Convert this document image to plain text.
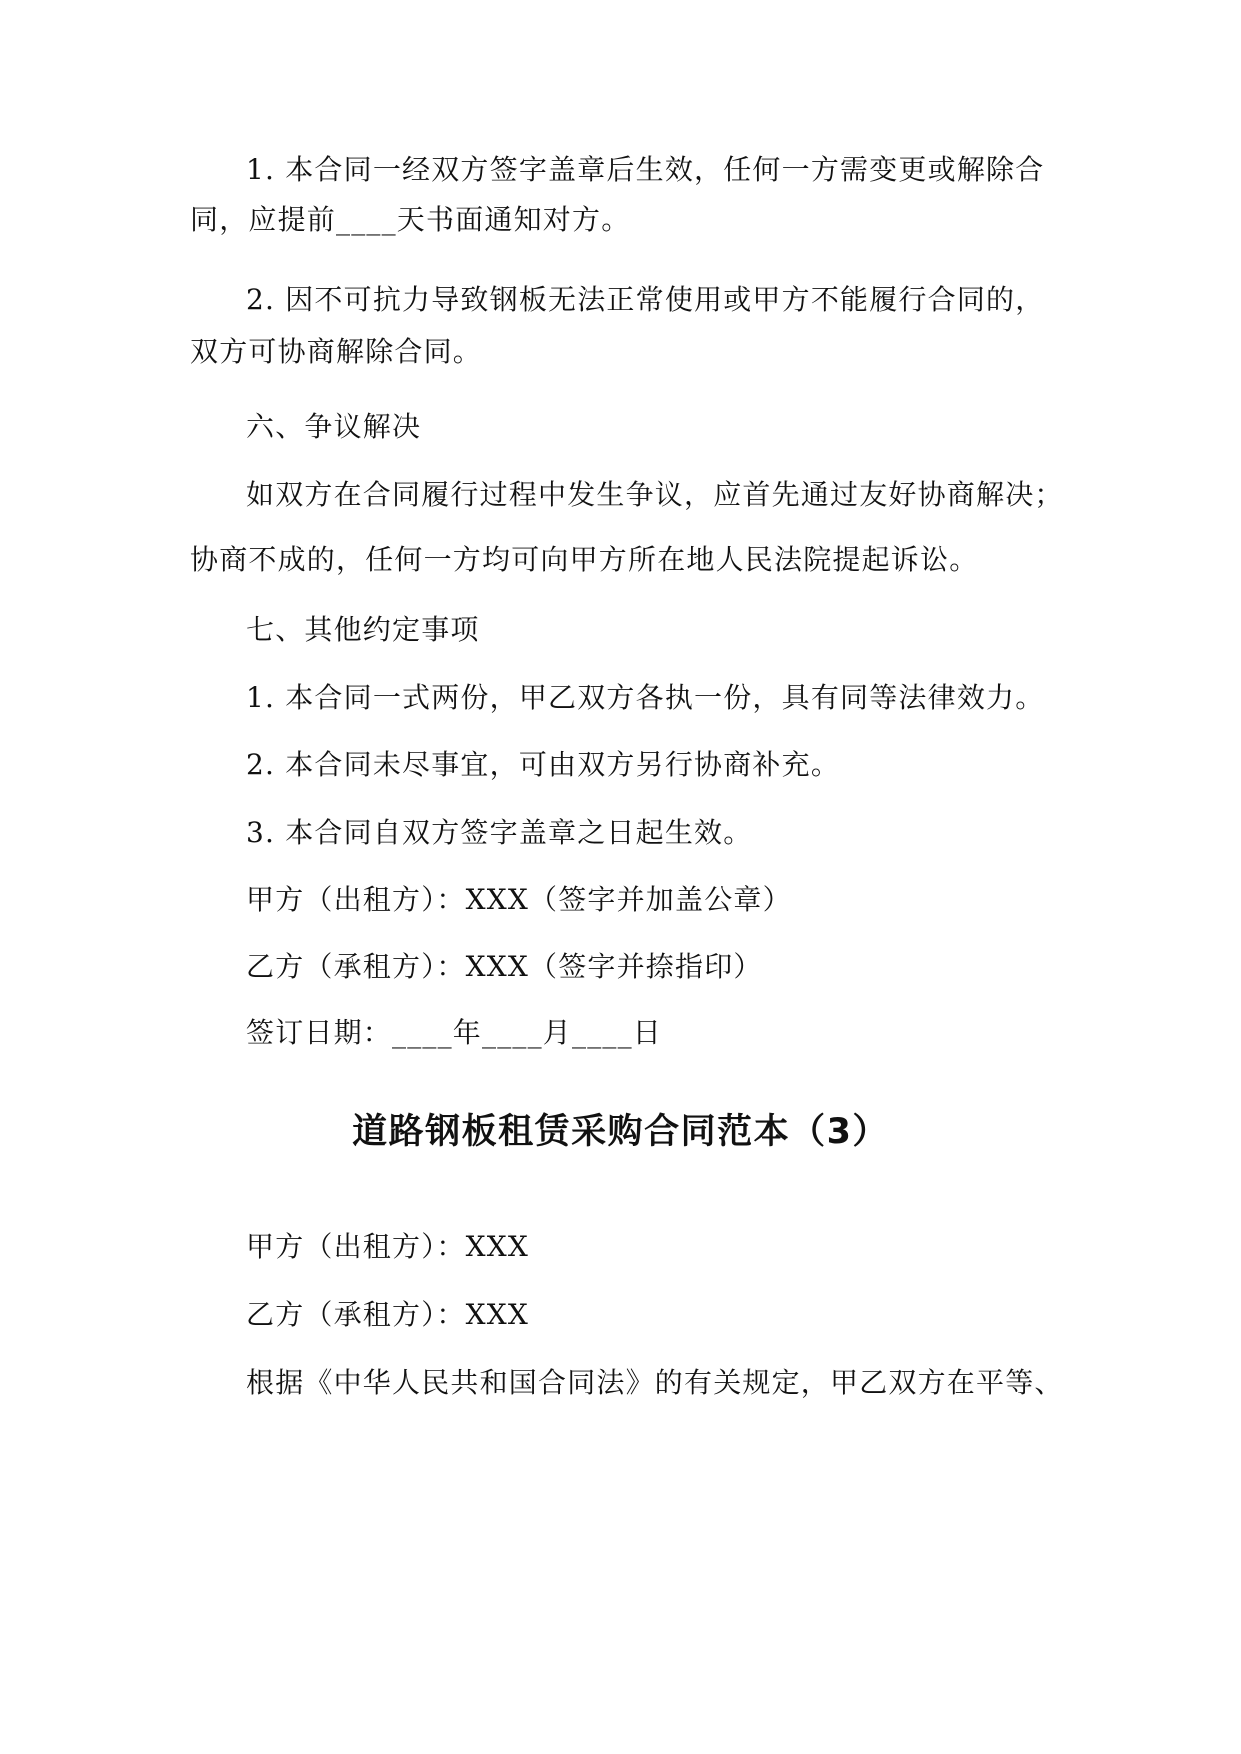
1. 本合同一经双方签字盖章后生效，任何一方需变更或解除合
同，应提前____天书面通知对方。
2. 因不可抗力导致钢板无法正常使用或甲方不能履行合同的，
双方可协商解除合同。
六、争议解决
如双方在合同履行过程中发生争议，应首先通过友好协商解决；
协商不成的，任何一方均可向甲方所在地人民法院提起诉讼。
七、其他约定事项
1. 本合同一式两份，甲乙双方各执一份，具有同等法律效力。
2. 本合同未尽事宜，可由双方另行协商补充。
3. 本合同自双方签字盖章之日起生效。
甲方（出租方）：XXX（签字并加盖公章）
乙方（承租方）：XXX（签字并捺指印）
签订日期：____年____月____日
道路钢板租赁采购合同范本（3）
甲方（出租方）：XXX
乙方（承租方）：XXX
根据《中华人民共和国合同法》的有关规定，甲乙双方在平等、
